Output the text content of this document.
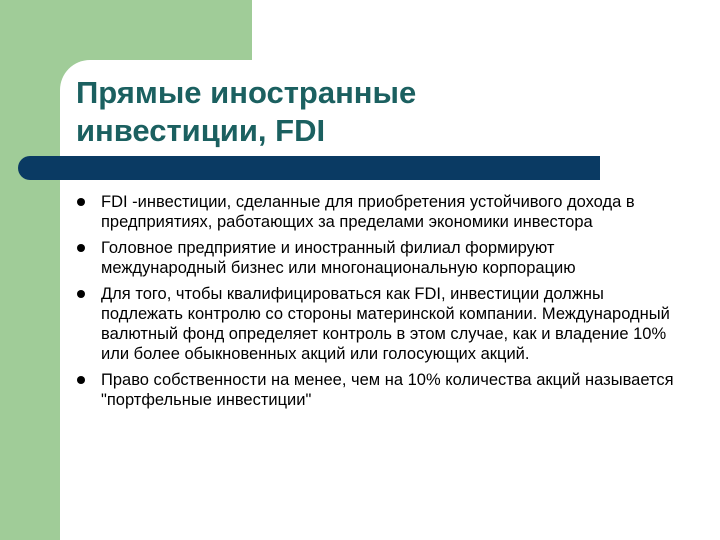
Прямые иностранные
инвестиции, FDI
FDI -инвестиции, сделанные для приобретения устойчивого дохода в предприятиях, работающих за пределами экономики инвестора
Головное предприятие и иностранный филиал формируют международный бизнес или многонациональную корпорацию
Для того, чтобы квалифицироваться как FDI, инвестиции должны подлежать контролю со стороны материнской компании. Международный валютный фонд определяет контроль в этом случае, как и владение 10% или более обыкновенных акций или голосующих акций.
Право собственности на менее, чем на 10% количества акций называется "портфельные инвестиции"
